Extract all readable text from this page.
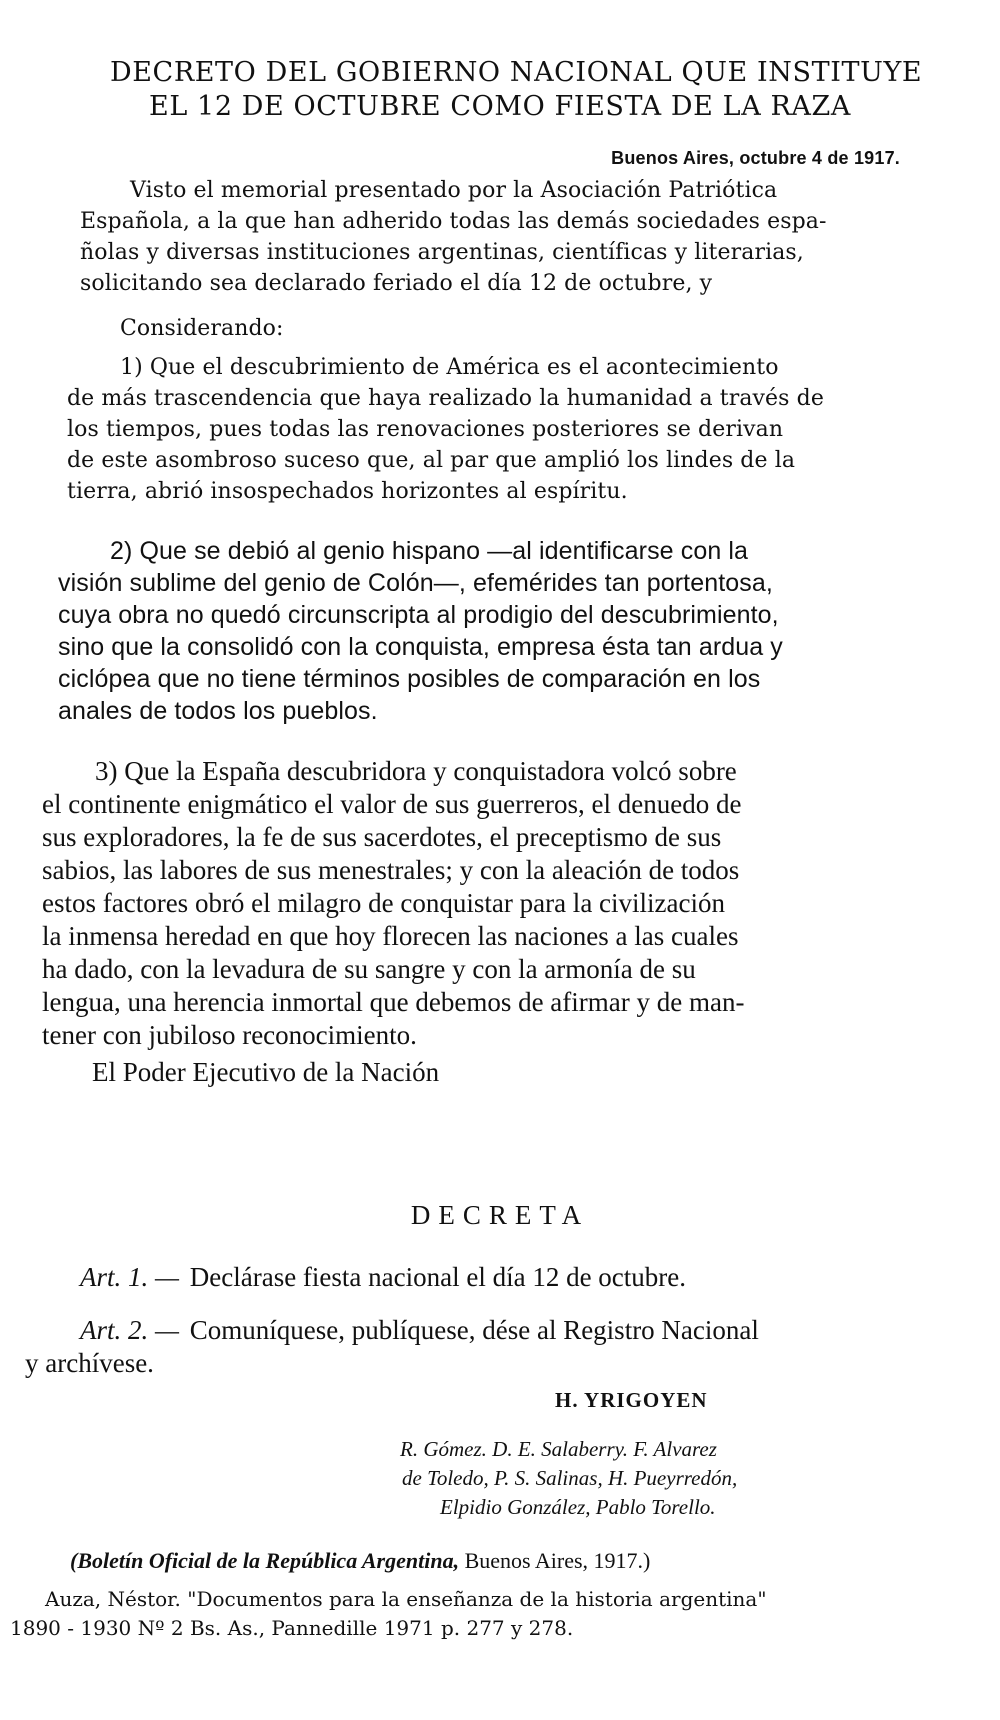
DECRETO DEL GOBIERNO NACIONAL QUE INSTITUYE
EL 12 DE OCTUBRE COMO FIESTA DE LA RAZA
Buenos Aires, octubre 4 de 1917.
Visto el memorial presentado por la Asociación Patriótica
Española, a la que han adherido todas las demás sociedades espa-
ñolas y diversas instituciones argentinas, científicas y literarias,
solicitando sea declarado feriado el día 12 de octubre, y
Considerando:
1) Que el descubrimiento de América es el acontecimiento
de más trascendencia que haya realizado la humanidad a través de
los tiempos, pues todas las renovaciones posteriores se derivan
de este asombroso suceso que, al par que amplió los lindes de la
tierra, abrió insospechados horizontes al espíritu.
2) Que se debió al genio hispano —al identificarse con la
visión sublime del genio de Colón—, efemérides tan portentosa,
cuya obra no quedó circunscripta al prodigio del descubrimiento,
sino que la consolidó con la conquista, empresa ésta tan ardua y
ciclópea que no tiene términos posibles de comparación en los
anales de todos los pueblos.
3) Que la España descubridora y conquistadora volcó sobre
el continente enigmático el valor de sus guerreros, el denuedo de
sus exploradores, la fe de sus sacerdotes, el preceptismo de sus
sabios, las labores de sus menestrales; y con la aleación de todos
estos factores obró el milagro de conquistar para la civilización
la inmensa heredad en que hoy florecen las naciones a las cuales
ha dado, con la levadura de su sangre y con la armonía de su
lengua, una herencia inmortal que debemos de afirmar y de man-
tener con jubiloso reconocimiento.
El Poder Ejecutivo de la Nación
DECRETA
Art. 1. — Declárase fiesta nacional el día 12 de octubre.
Art. 2. — Comuníquese, publíquese, dése al Registro Nacional
y archívese.
H. YRIGOYEN
R. Gómez. D. E. Salaberry. F. Alvarez
de Toledo, P. S. Salinas, H. Pueyrredón,
Elpidio González, Pablo Torello.
(Boletín Oficial de la República Argentina, Buenos Aires, 1917.)
Auza, Néstor. "Documentos para la enseñanza de la historia argentina"
1890 - 1930 Nº 2 Bs. As., Pannedille 1971 p. 277 y 278.
